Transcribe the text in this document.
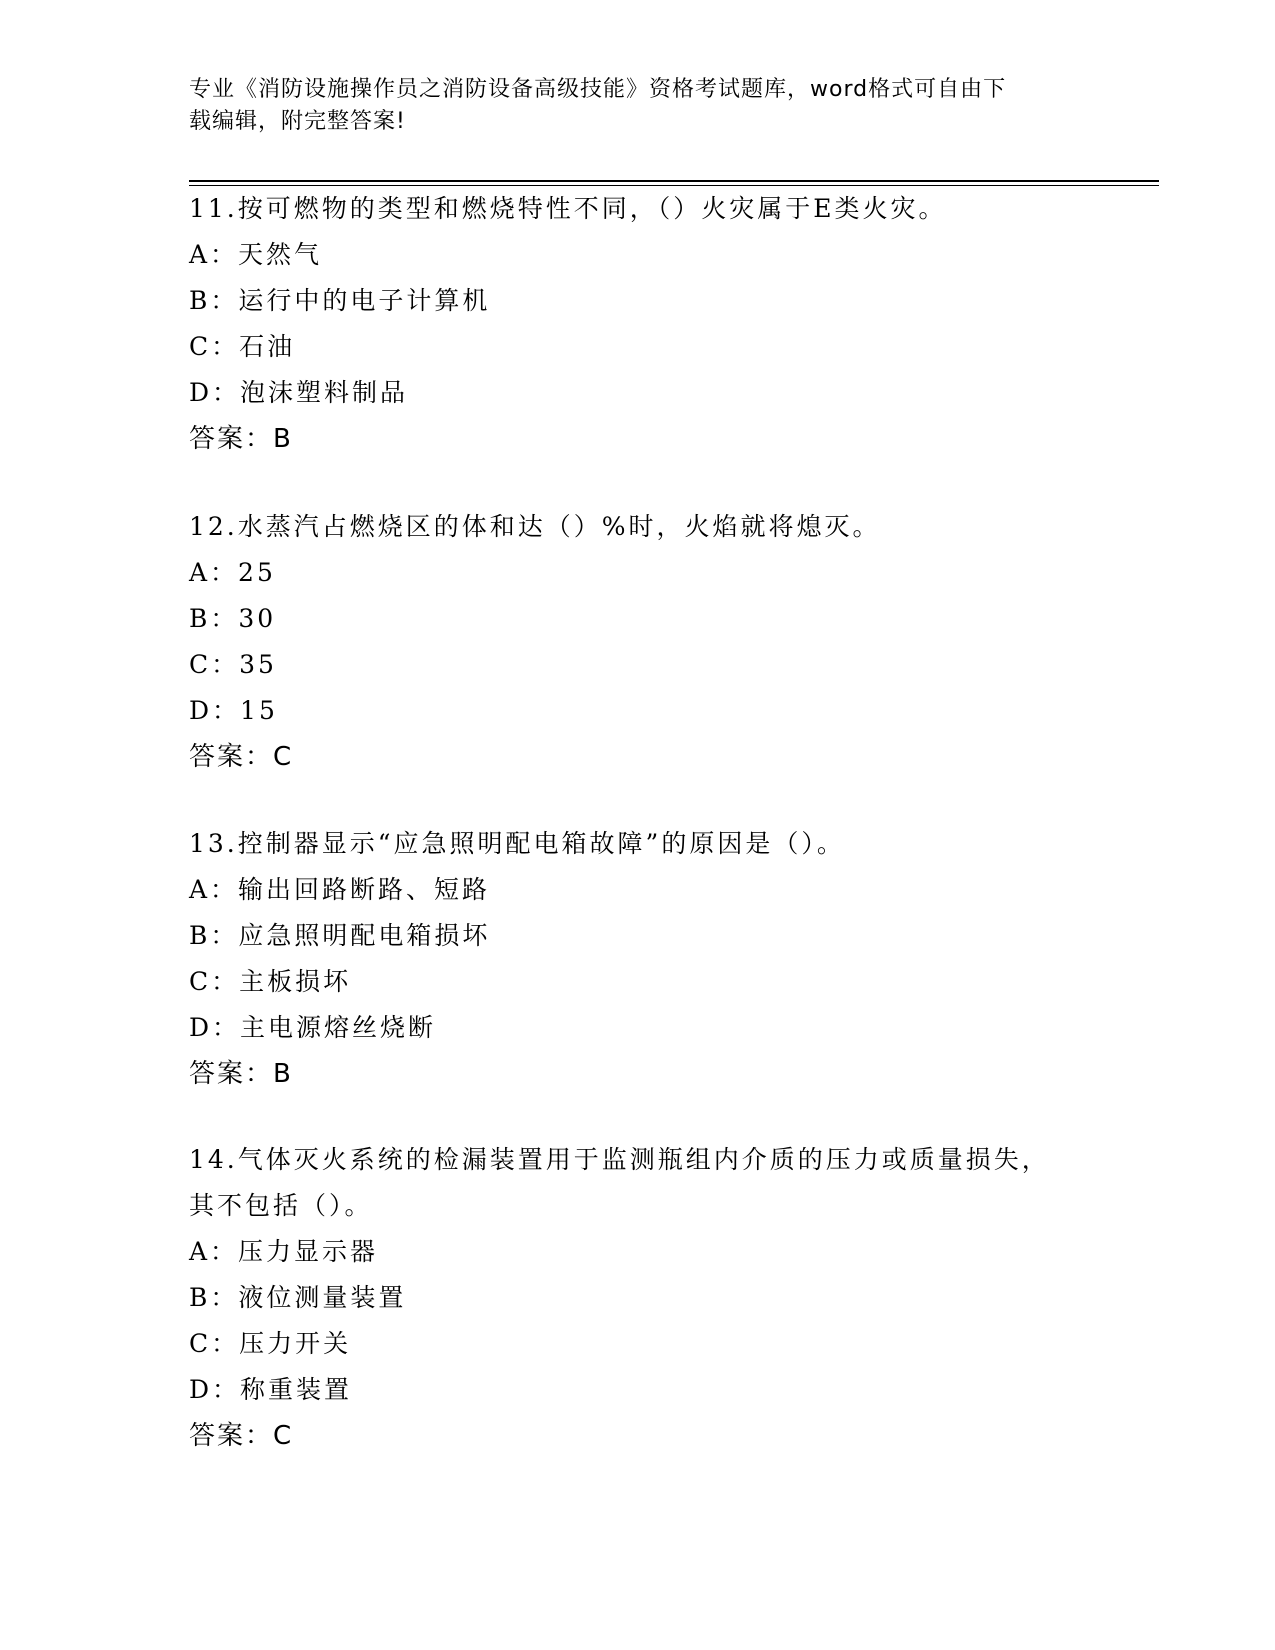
专业《消防设施操作员之消防设备高级技能》资格考试题库，word格式可自由下
载编辑，附完整答案!
11.按可燃物的类型和燃烧特性不同，（）火灾属于E类火灾。
A：天然气
B：运行中的电子计算机
C：石油
D：泡沫塑料制品
答案：B
12.水蒸汽占燃烧区的体和达（）%时，火焰就将熄灭。
A：25
B：30
C：35
D：15
答案：C
13.控制器显示“应急照明配电箱故障”的原因是（）。
A：输出回路断路、短路
B：应急照明配电箱损坏
C：主板损坏
D：主电源熔丝烧断
答案：B
14.气体灭火系统的检漏装置用于监测瓶组内介质的压力或质量损失，
其不包括（）。
A：压力显示器
B：液位测量装置
C：压力开关
D：称重装置
答案：C
